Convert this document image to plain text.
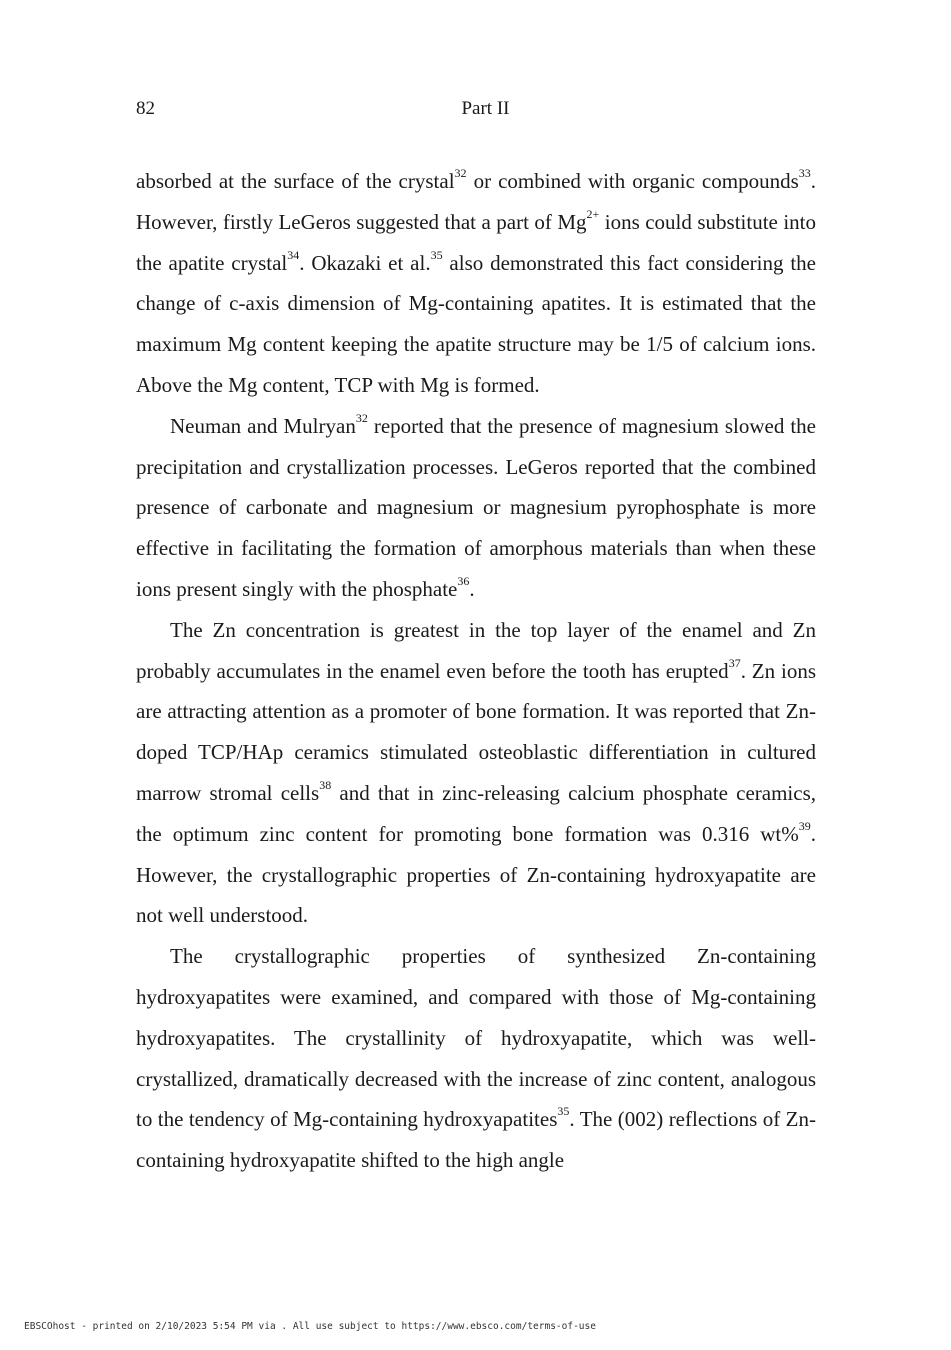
82	Part II

absorbed at the surface of the crystal$^{32}$ or combined with organic compounds$^{33}$. However, firstly LeGeros suggested that a part of $Mg^{2+}$ ions could substitute into the apatite crystal$^{34}$. Okazaki et al.$^{35}$ also demonstrated this fact considering the change of c-axis dimension of Mg-containing apatites. It is estimated that the maximum Mg content keeping the apatite structure may be 1/5 of calcium ions. Above the Mg content, TCP with Mg is formed.

Neuman and Mulryan$^{32}$ reported that the presence of magnesium slowed the precipitation and crystallization processes. LeGeros reported that the combined presence of carbonate and magnesium or magnesium pyrophosphate is more effective in facilitating the formation of amorphous materials than when these ions present singly with the phosphate$^{36}$.

The Zn concentration is greatest in the top layer of the enamel and Zn probably accumulates in the enamel even before the tooth has erupted$^{37}$. Zn ions are attracting attention as a promoter of bone formation. It was reported that Zn-doped TCP/HAp ceramics stimulated osteoblastic differentiation in cultured marrow stromal cells$^{38}$ and that in zinc-releasing calcium phosphate ceramics, the optimum zinc content for promoting bone formation was 0.316 wt%$^{39}$. However, the crystallographic properties of Zn-containing hydroxyapatite are not well understood.

The crystallographic properties of synthesized Zn-containing hydroxyapatites were examined, and compared with those of Mg-containing hydroxyapatites. The crystallinity of hydroxyapatite, which was well-crystallized, dramatically decreased with the increase of zinc content, analogous to the tendency of Mg-containing hydroxyapatites$^{35}$. The (002) reflections of Zn-containing hydroxyapatite shifted to the high angle

EBSCOhost - printed on 2/10/2023 5:54 PM via . All use subject to https://www.ebsco.com/terms-of-use
